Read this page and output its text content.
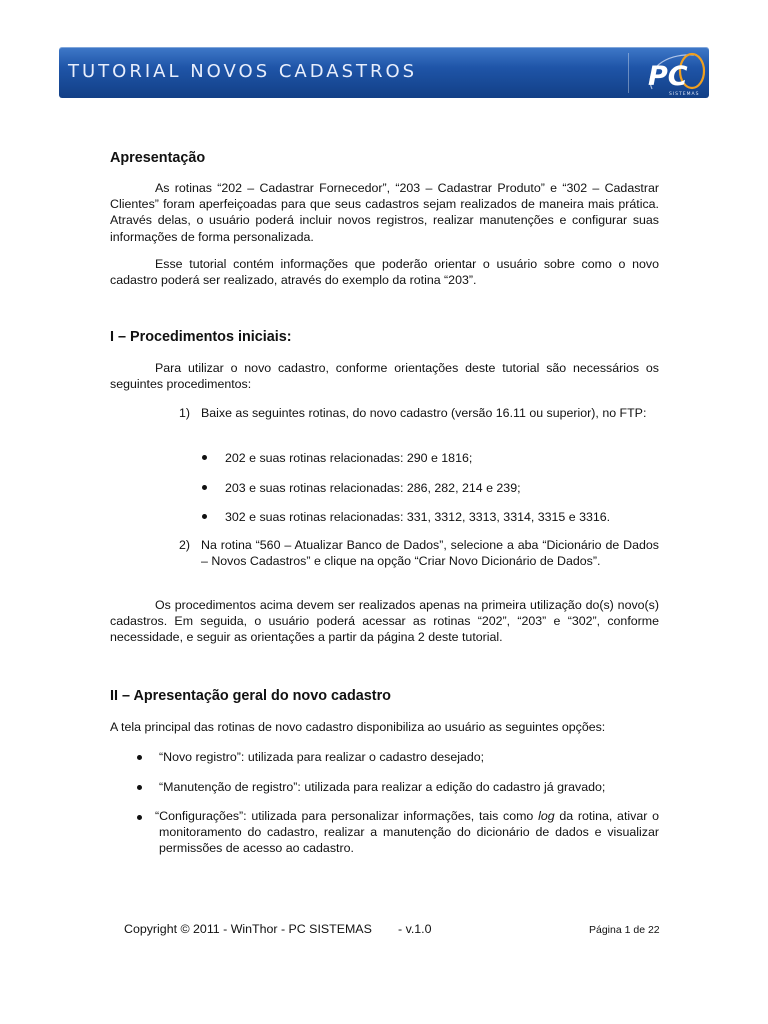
TUTORIAL NOVOS CADASTROS	PC
SISTEMAS
Apresentação

As rotinas “202 – Cadastrar Fornecedor”, “203 – Cadastrar Produto” e “302 – Cadastrar Clientes” foram aperfeiçoadas para que seus cadastros sejam realizados de maneira mais prática. Através delas, o usuário poderá incluir novos registros, realizar manutenções e configurar suas informações de forma personalizada.

Esse tutorial contém informações que poderão orientar o usuário sobre como o novo cadastro poderá ser realizado, através do exemplo da rotina “203”.

I – Procedimentos iniciais:

Para utilizar o novo cadastro, conforme orientações deste tutorial são necessários os seguintes procedimentos:

1) Baixe as seguintes rotinas, do novo cadastro (versão 16.11 ou superior), no FTP:

202 e suas rotinas relacionadas: 290 e 1816;
203 e suas rotinas relacionadas: 286, 282, 214 e 239;
302 e suas rotinas relacionadas: 331, 3312, 3313, 3314, 3315 e 3316.
2) Na rotina “560 – Atualizar Banco de Dados”, selecione a aba “Dicionário de Dados – Novos Cadastros” e clique na opção “Criar Novo Dicionário de Dados”.

Os procedimentos acima devem ser realizados apenas na primeira utilização do(s) novo(s) cadastros. Em seguida, o usuário poderá acessar as rotinas “202”, “203” e “302”, conforme necessidade, e seguir as orientações a partir da página 2 deste tutorial.

II – Apresentação geral do novo cadastro

A tela principal das rotinas de novo cadastro disponibiliza ao usuário as seguintes opções:

“Novo registro”: utilizada para realizar o cadastro desejado;
“Manutenção de registro”: utilizada para realizar a edição do cadastro já gravado;

“Configurações”: utilizada para personalizar informações, tais como log da rotina, ativar o monitoramento do cadastro, realizar a manutenção do dicionário de dados e visualizar permissões de acesso ao cadastro.

Copyright © 2011 - WinThor - PC SISTEMAS - v.1.0	Página 1 de 22
